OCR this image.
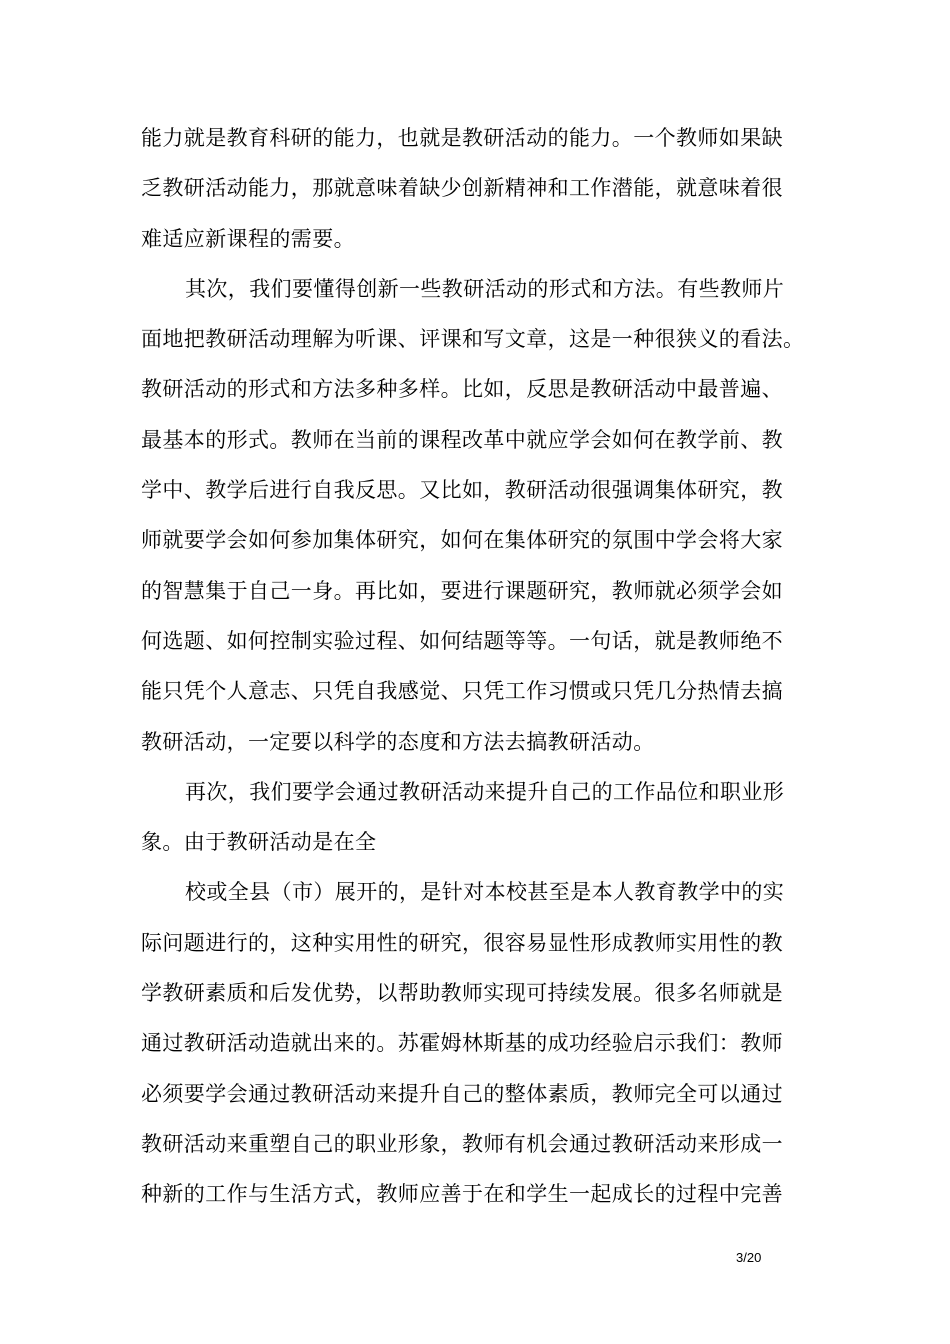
能力就是教育科研的能力，也就是教研活动的能力。一个教师如果缺
乏教研活动能力，那就意味着缺少创新精神和工作潜能，就意味着很
难适应新课程的需要。
其次，我们要懂得创新一些教研活动的形式和方法。有些教师片
面地把教研活动理解为听课、评课和写文章，这是一种很狭义的看法。
教研活动的形式和方法多种多样。比如，反思是教研活动中最普遍、
最基本的形式。教师在当前的课程改革中就应学会如何在教学前、教
学中、教学后进行自我反思。又比如，教研活动很强调集体研究，教
师就要学会如何参加集体研究，如何在集体研究的氛围中学会将大家
的智慧集于自己一身。再比如，要进行课题研究，教师就必须学会如
何选题、如何控制实验过程、如何结题等等。一句话，就是教师绝不
能只凭个人意志、只凭自我感觉、只凭工作习惯或只凭几分热情去搞
教研活动，一定要以科学的态度和方法去搞教研活动。
再次，我们要学会通过教研活动来提升自己的工作品位和职业形
象。由于教研活动是在全
校或全县（市）展开的，是针对本校甚至是本人教育教学中的实
际问题进行的，这种实用性的研究，很容易显性形成教师实用性的教
学教研素质和后发优势，以帮助教师实现可持续发展。很多名师就是
通过教研活动造就出来的。苏霍姆林斯基的成功经验启示我们：教师
必须要学会通过教研活动来提升自己的整体素质，教师完全可以通过
教研活动来重塑自己的职业形象，教师有机会通过教研活动来形成一
种新的工作与生活方式，教师应善于在和学生一起成长的过程中完善
3/20
